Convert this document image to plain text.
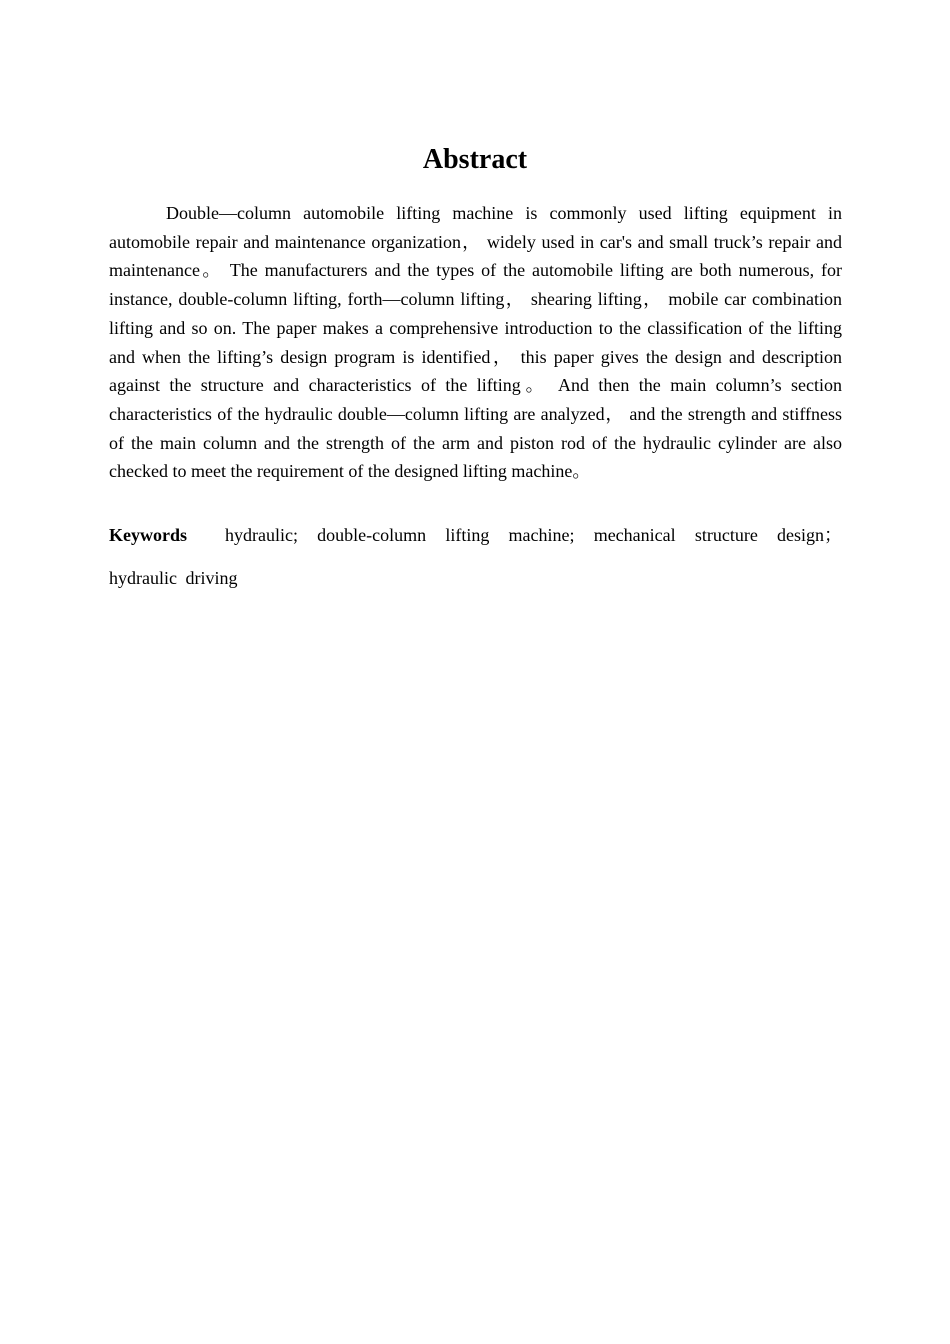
Abstract

Double—column automobile lifting machine is commonly used lifting equipment in automobile repair and maintenance organization， widely used in car's and small truck’s repair and maintenance。 The manufacturers and the types of the automobile lifting are both numerous, for instance, double-column lifting, forth—column lifting， shearing lifting， mobile car combination lifting and so on. The paper makes a comprehensive introduction to the classification of the lifting and when the lifting’s design program is identified， this paper gives the design and description against the structure and characteristics of the lifting。 And then the main column’s section characteristics of the hydraulic double—column lifting are analyzed， and the strength and stiffness of the main column and the strength of the arm and piston rod of the hydraulic cylinder are also checked to meet the requirement of the designed lifting machine。

Keywords hydraulic; double-column lifting machine; mechanical structure design； hydraulic driving
